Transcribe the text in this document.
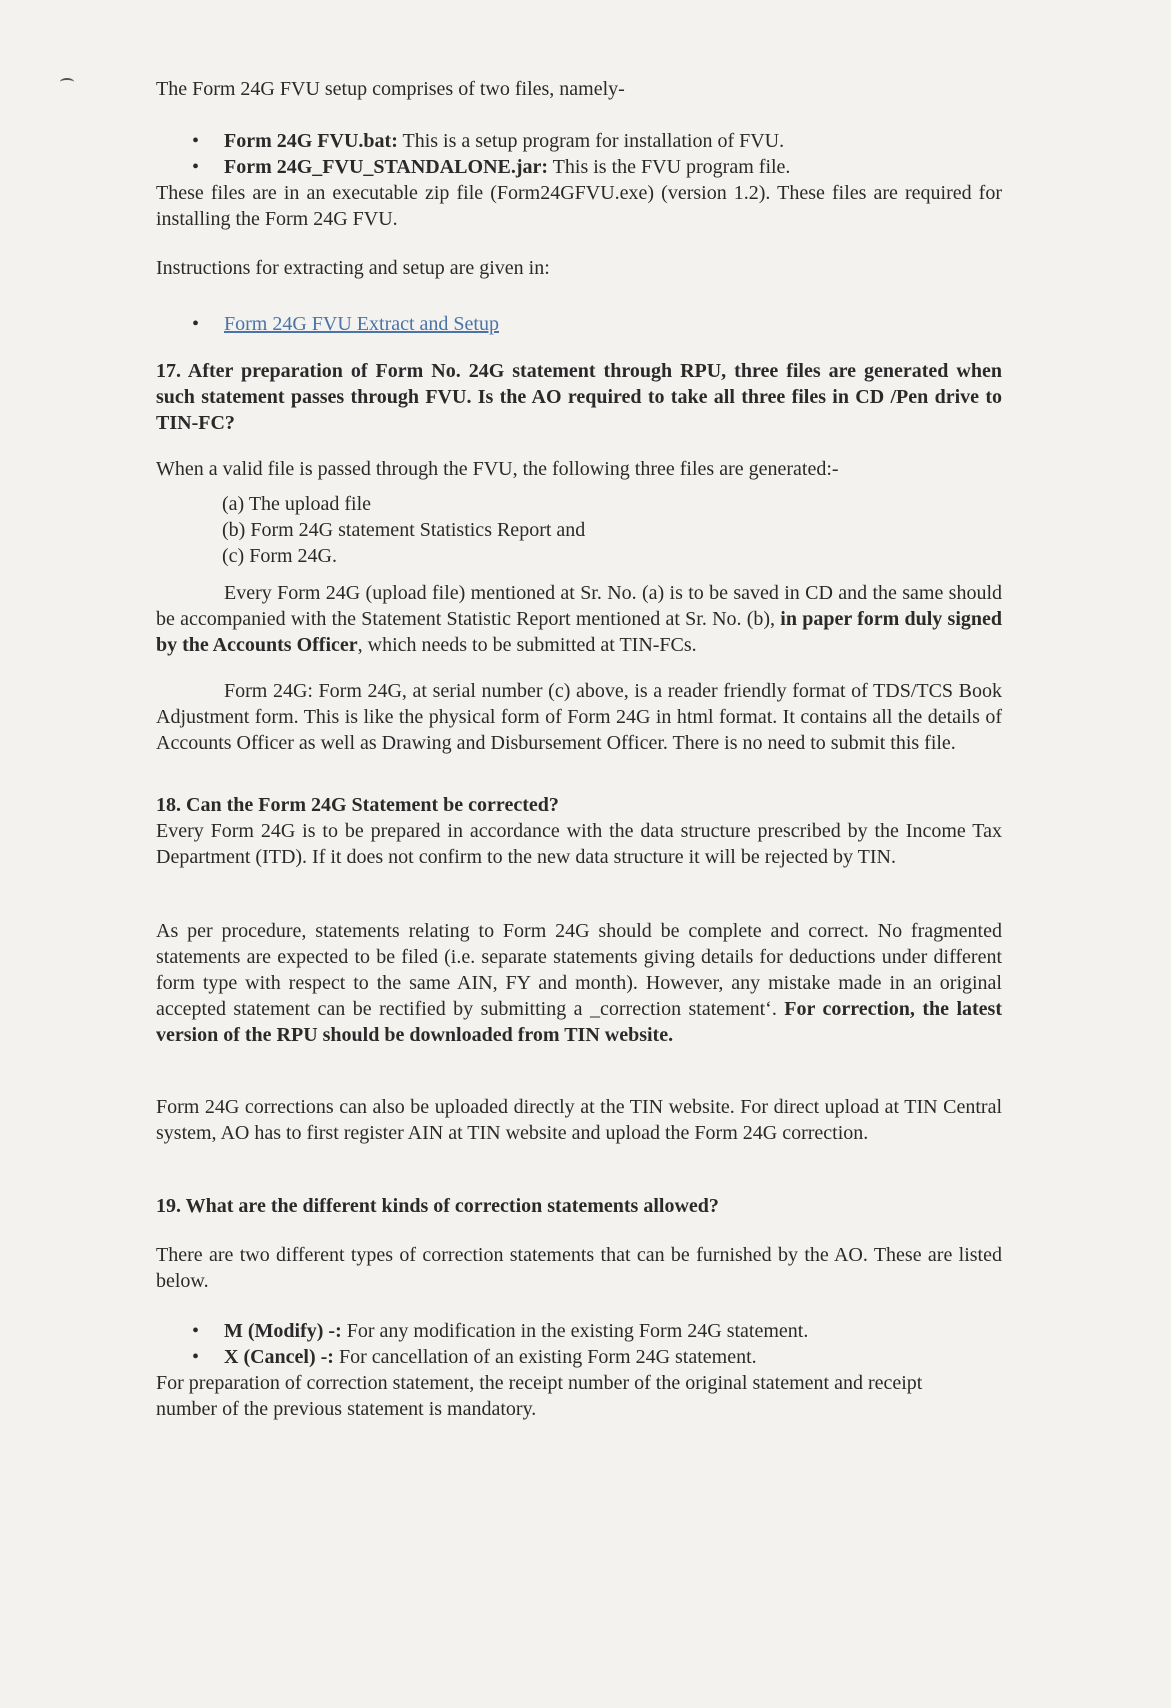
The Form 24G FVU setup comprises of two files, namely-

• Form 24G FVU.bat: This is a setup program for installation of FVU.
• Form 24G_FVU_STANDALONE.jar: This is the FVU program file.

These files are in an executable zip file (Form24GFVU.exe) (version 1.2). These files are required for installing the Form 24G FVU.

Instructions for extracting and setup are given in:

• Form 24G FVU Extract and Setup

17. After preparation of Form No. 24G statement through RPU, three files are generated when such statement passes through FVU. Is the AO required to take all three files in CD /Pen drive to TIN-FC?

When a valid file is passed through the FVU, the following three files are generated:-

(a) The upload file
(b) Form 24G statement Statistics Report and
(c) Form 24G.

Every Form 24G (upload file) mentioned at Sr. No. (a) is to be saved in CD and the same should be accompanied with the Statement Statistic Report mentioned at Sr. No. (b), in paper form duly signed by the Accounts Officer, which needs to be submitted at TIN-FCs.

Form 24G: Form 24G, at serial number (c) above, is a reader friendly format of TDS/TCS Book Adjustment form. This is like the physical form of Form 24G in html format. It contains all the details of Accounts Officer as well as Drawing and Disbursement Officer. There is no need to submit this file.

18. Can the Form 24G Statement be corrected?

Every Form 24G is to be prepared in accordance with the data structure prescribed by the Income Tax Department (ITD). If it does not confirm to the new data structure it will be rejected by TIN.

As per procedure, statements relating to Form 24G should be complete and correct. No fragmented statements are expected to be filed (i.e. separate statements giving details for deductions under different form type with respect to the same AIN, FY and month). However, any mistake made in an original accepted statement can be rectified by submitting a _correction statement‘. For correction, the latest version of the RPU should be downloaded from TIN website.

Form 24G corrections can also be uploaded directly at the TIN website. For direct upload at TIN Central system, AO has to first register AIN at TIN website and upload the Form 24G correction.

19. What are the different kinds of correction statements allowed?

There are two different types of correction statements that can be furnished by the AO. These are listed below.

• M (Modify) -: For any modification in the existing Form 24G statement.
• X (Cancel) -: For cancellation of an existing Form 24G statement.

For preparation of correction statement, the receipt number of the original statement and receipt number of the previous statement is mandatory.
